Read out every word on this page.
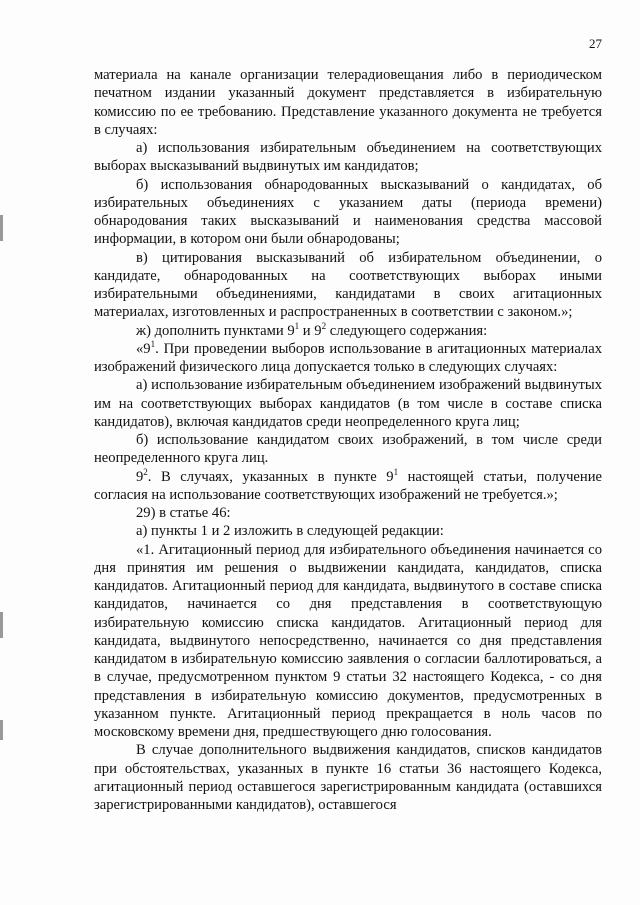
27

материала на канале организации телерадиовещания либо в периодическом печатном издании указанный документ представляется в избирательную комиссию по ее требованию. Представление указанного документа не требуется в случаях:

а) использования избирательным объединением на соответствующих выборах высказываний выдвинутых им кандидатов;

б) использования обнародованных высказываний о кандидатах, об избирательных объединениях с указанием даты (периода времени) обнародования таких высказываний и наименования средства массовой информации, в котором они были обнародованы;

в) цитирования высказываний об избирательном объединении, о кандидате, обнародованных на соответствующих выборах иными избирательными объединениями, кандидатами в своих агитационных материалах, изготовленных и распространенных в соответствии с законом.»;

ж) дополнить пунктами $9^1$ и $9^2$ следующего содержания:

«$9^1$. При проведении выборов использование в агитационных материалах изображений физического лица допускается только в следующих случаях:

а) использование избирательным объединением изображений выдвинутых им на соответствующих выборах кандидатов (в том числе в составе списка кандидатов), включая кандидатов среди неопределенного круга лиц;

б) использование кандидатом своих изображений, в том числе среди неопределенного круга лиц.

$9^2$. В случаях, указанных в пункте $9^1$ настоящей статьи, получение согласия на использование соответствующих изображений не требуется.»;

29) в статье 46:

а) пункты 1 и 2 изложить в следующей редакции:

«1. Агитационный период для избирательного объединения начинается со дня принятия им решения о выдвижении кандидата, кандидатов, списка кандидатов. Агитационный период для кандидата, выдвинутого в составе списка кандидатов, начинается со дня представления в соответствующую избирательную комиссию списка кандидатов. Агитационный период для кандидата, выдвинутого непосредственно, начинается со дня представления кандидатом в избирательную комиссию заявления о согласии баллотироваться, а в случае, предусмотренном пунктом 9 статьи 32 настоящего Кодекса, - со дня представления в избирательную комиссию документов, предусмотренных в указанном пункте. Агитационный период прекращается в ноль часов по московскому времени дня, предшествующего дню голосования.

В случае дополнительного выдвижения кандидатов, списков кандидатов при обстоятельствах, указанных в пункте 16 статьи 36 настоящего Кодекса, агитационный период оставшегося зарегистрированным кандидата (оставшихся зарегистрированными кандидатов), оставшегося
